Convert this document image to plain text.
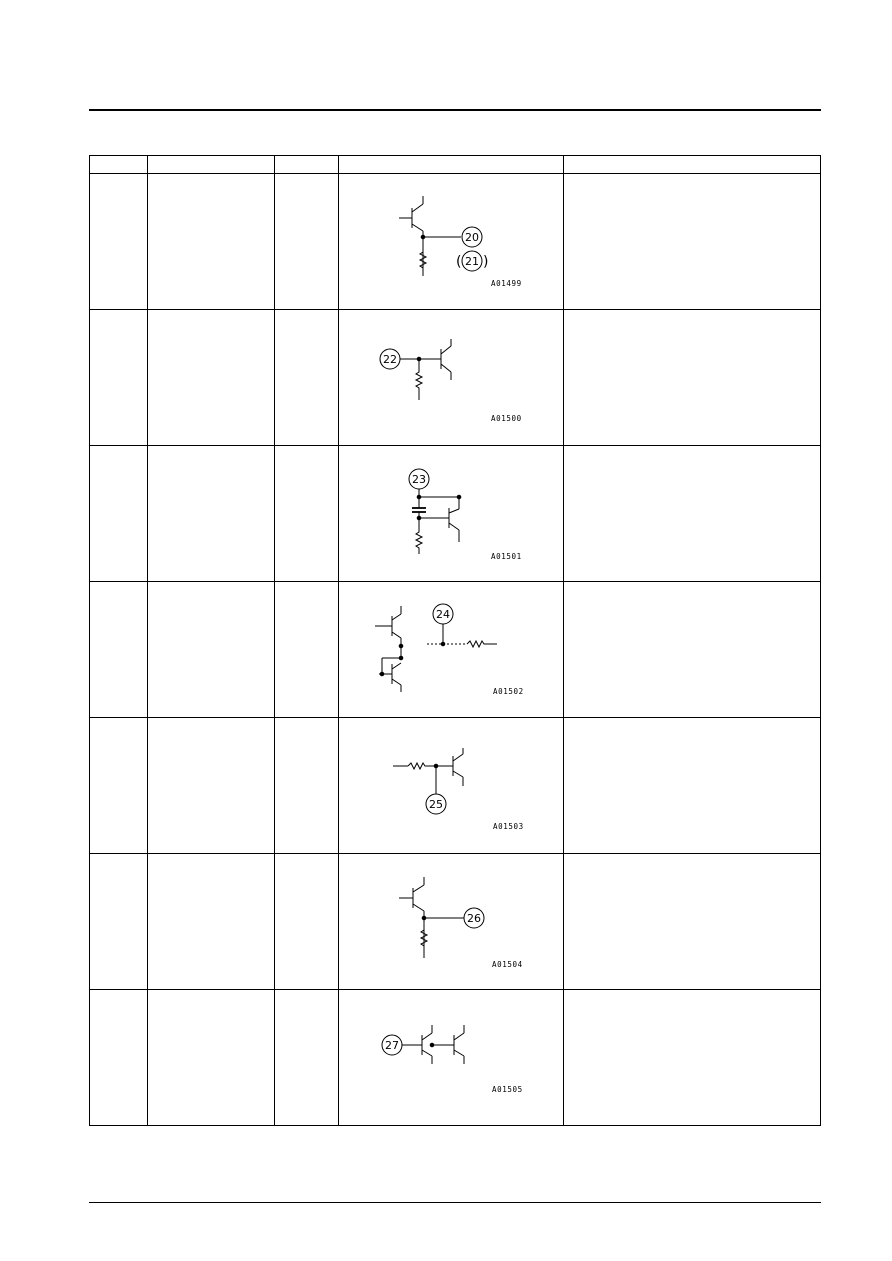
20
( 21 )
A01499	

22
A01500	

23
A01501	

24
A01502	

25
A01503	

26
A01504	

27
A01505	
